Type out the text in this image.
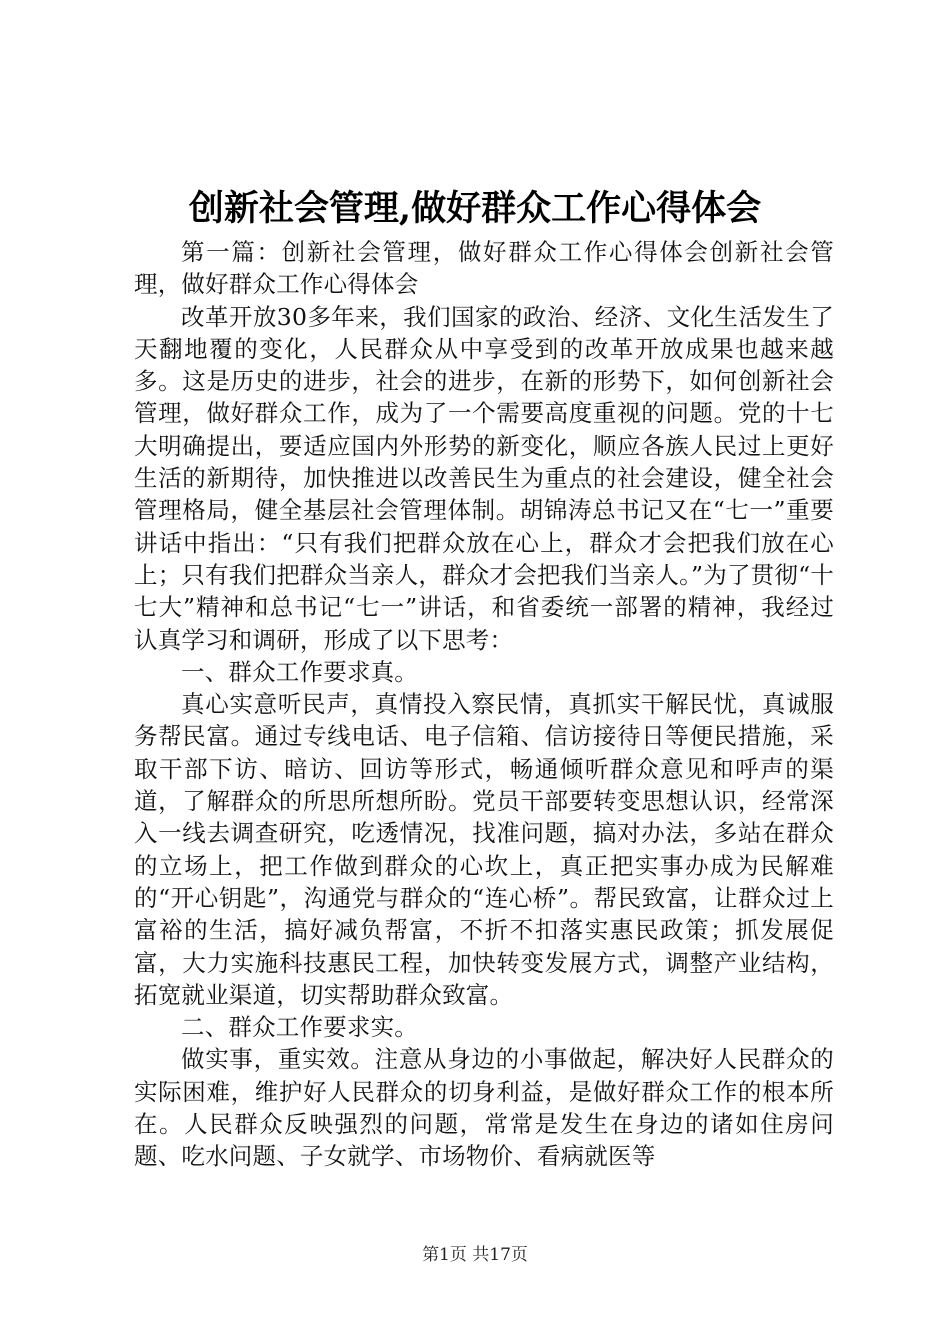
创新社会管理,做好群众工作心得体会

第一篇：创新社会管理，做好群众工作心得体会创新社会管理，做好群众工作心得体会

改革开放30多年来，我们国家的政治、经济、文化生活发生了天翻地覆的变化，人民群众从中享受到的改革开放成果也越来越多。这是历史的进步，社会的进步，在新的形势下，如何创新社会管理，做好群众工作，成为了一个需要高度重视的问题。党的十七大明确提出，要适应国内外形势的新变化，顺应各族人民过上更好生活的新期待，加快推进以改善民生为重点的社会建设，健全社会管理格局，健全基层社会管理体制。胡锦涛总书记又在“七一”重要讲话中指出：“只有我们把群众放在心上，群众才会把我们放在心上；只有我们把群众当亲人，群众才会把我们当亲人。”为了贯彻“十七大”精神和总书记“七一”讲话，和省委统一部署的精神，我经过认真学习和调研，形成了以下思考：

一、群众工作要求真。

真心实意听民声，真情投入察民情，真抓实干解民忧，真诚服务帮民富。通过专线电话、电子信箱、信访接待日等便民措施，采取干部下访、暗访、回访等形式，畅通倾听群众意见和呼声的渠道，了解群众的所思所想所盼。党员干部要转变思想认识，经常深入一线去调查研究，吃透情况，找准问题，搞对办法，多站在群众的立场上，把工作做到群众的心坎上，真正把实事办成为民解难的“开心钥匙”，沟通党与群众的“连心桥”。帮民致富，让群众过上富裕的生活，搞好减负帮富，不折不扣落实惠民政策；抓发展促富，大力实施科技惠民工程，加快转变发展方式，调整产业结构，拓宽就业渠道，切实帮助群众致富。

二、群众工作要求实。

做实事，重实效。注意从身边的小事做起，解决好人民群众的实际困难，维护好人民群众的切身利益，是做好群众工作的根本所在。人民群众反映强烈的问题，常常是发生在身边的诸如住房问题、吃水问题、子女就学、市场物价、看病就医等

第1页 共17页
